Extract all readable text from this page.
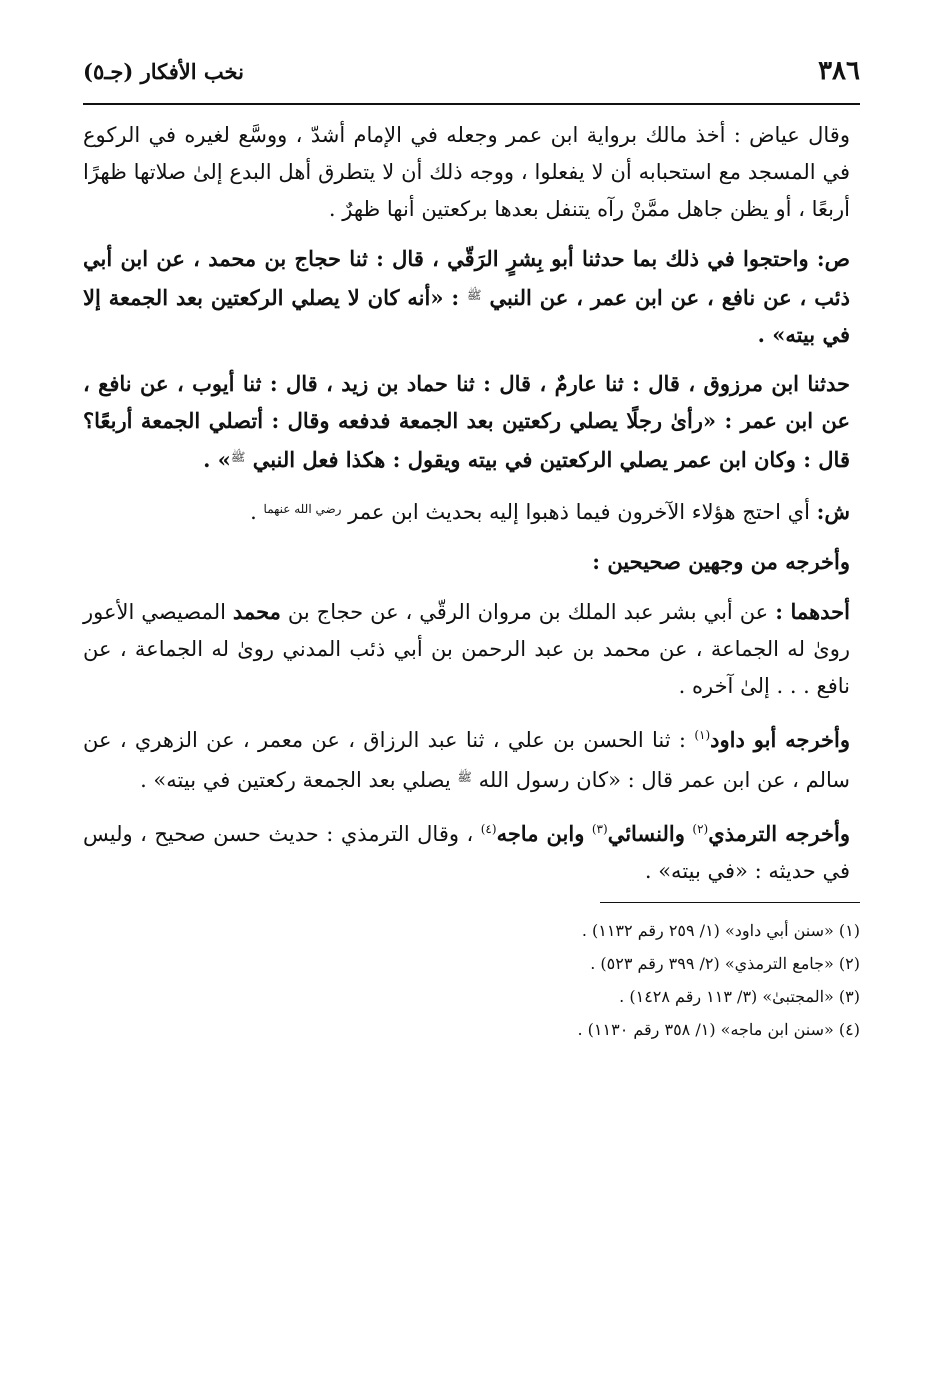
٣٨٦
نخب الأفكار (جـ٥)

وقال عياض : أخذ مالك برواية ابن عمر وجعله في الإمام أشدّ ، ووسَّع لغيره في الركوع في المسجد مع استحبابه أن لا يفعلوا ، ووجه ذلك أن لا يتطرق أهل البدع إلىٰ صلاتها ظهرًا أربعًا ، أو يظن جاهل ممَّنْ رآه يتنفل بعدها بركعتين أنها ظهرٌ .

ص: واحتجوا في ذلك بما حدثنا أبو بِشرٍ الرَقّي ، قال : ثنا حجاج بن محمد ، عن ابن أبي ذئب ، عن نافع ، عن ابن عمر ، عن النبي $^ﷺ$ : «أنه كان لا يصلي الركعتين بعد الجمعة إلا في بيته» .

حدثنا ابن مرزوق ، قال : ثنا عارمٌ ، قال : ثنا حماد بن زيد ، قال : ثنا أيوب ، عن نافع ، عن ابن عمر : «رأىٰ رجلًا يصلي ركعتين بعد الجمعة فدفعه وقال : أتصلي الجمعة أربعًا؟ قال : وكان ابن عمر يصلي الركعتين في بيته ويقول : هكذا فعل النبي $^ﷺ$» .

ش: أي احتج هؤلاء الآخرون فيما ذهبوا إليه بحديث ابن عمر $^{رضي الله عنهما}$ .

وأخرجه من وجهين صحيحين :

أحدهما : عن أبي بشر عبد الملك بن مروان الرقّي ، عن حجاج بن محمد المصيصي الأعور روىٰ له الجماعة ، عن محمد بن عبد الرحمن بن أبي ذئب المدني روىٰ له الجماعة ، عن نافع . . . إلىٰ آخره .

وأخرجه أبو داود$^{(١)}$ : ثنا الحسن بن علي ، ثنا عبد الرزاق ، عن معمر ، عن الزهري ، عن سالم ، عن ابن عمر قال : «كان رسول الله $^ﷺ$ يصلي بعد الجمعة ركعتين في بيته» .

وأخرجه الترمذي$^{(٢)}$ والنسائي$^{(٣)}$ وابن ماجه$^{(٤)}$ ، وقال الترمذي : حديث حسن صحيح ، وليس في حديثه : «في بيته» .

(١) «سنن أبي داود» (١/ ٢٥٩ رقم ١١٣٢) .

(٢) «جامع الترمذي» (٢/ ٣٩٩ رقم ٥٢٣) .

(٣) «المجتبىٰ» (٣/ ١١٣ رقم ١٤٢٨) .

(٤) «سنن ابن ماجه» (١/ ٣٥٨ رقم ١١٣٠) .
